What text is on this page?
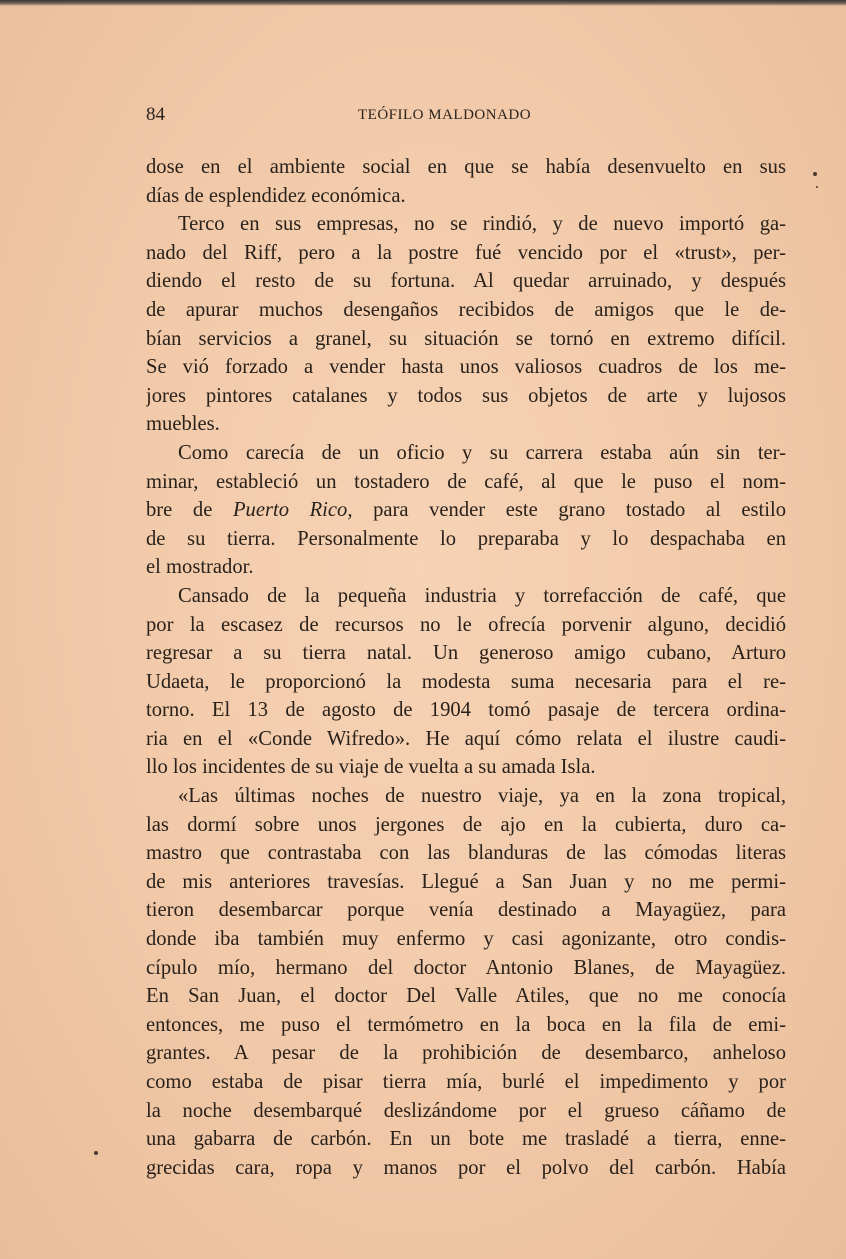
84	TEÓFILO MALDONADO
dose en el ambiente social en que se había desenvuelto en sus
días de esplendidez económica.
Terco en sus empresas, no se rindió, y de nuevo importó ga-
nado del Riff, pero a la postre fué vencido por el «trust», per-
diendo el resto de su fortuna. Al quedar arruinado, y después
de apurar muchos desengaños recibidos de amigos que le de-
bían servicios a granel, su situación se tornó en extremo difícil.
Se vió forzado a vender hasta unos valiosos cuadros de los me-
jores pintores catalanes y todos sus objetos de arte y lujosos
muebles.
Como carecía de un oficio y su carrera estaba aún sin ter-
minar, estableció un tostadero de café, al que le puso el nom-
bre de Puerto Rico, para vender este grano tostado al estilo
de su tierra. Personalmente lo preparaba y lo despachaba en
el mostrador.
Cansado de la pequeña industria y torrefacción de café, que
por la escasez de recursos no le ofrecía porvenir alguno, decidió
regresar a su tierra natal. Un generoso amigo cubano, Arturo
Udaeta, le proporcionó la modesta suma necesaria para el re-
torno. El 13 de agosto de 1904 tomó pasaje de tercera ordina-
ria en el «Conde Wifredo». He aquí cómo relata el ilustre caudi-
llo los incidentes de su viaje de vuelta a su amada Isla.
«Las últimas noches de nuestro viaje, ya en la zona tropical,
las dormí sobre unos jergones de ajo en la cubierta, duro ca-
mastro que contrastaba con las blanduras de las cómodas literas
de mis anteriores travesías. Llegué a San Juan y no me permi-
tieron desembarcar porque venía destinado a Mayagüez, para
donde iba también muy enfermo y casi agonizante, otro condis-
cípulo mío, hermano del doctor Antonio Blanes, de Mayagüez.
En San Juan, el doctor Del Valle Atiles, que no me conocía
entonces, me puso el termómetro en la boca en la fila de emi-
grantes. A pesar de la prohibición de desembarco, anheloso
como estaba de pisar tierra mía, burlé el impedimento y por
la noche desembarqué deslizándome por el grueso cáñamo de
una gabarra de carbón. En un bote me trasladé a tierra, enne-
grecidas cara, ropa y manos por el polvo del carbón. Había
